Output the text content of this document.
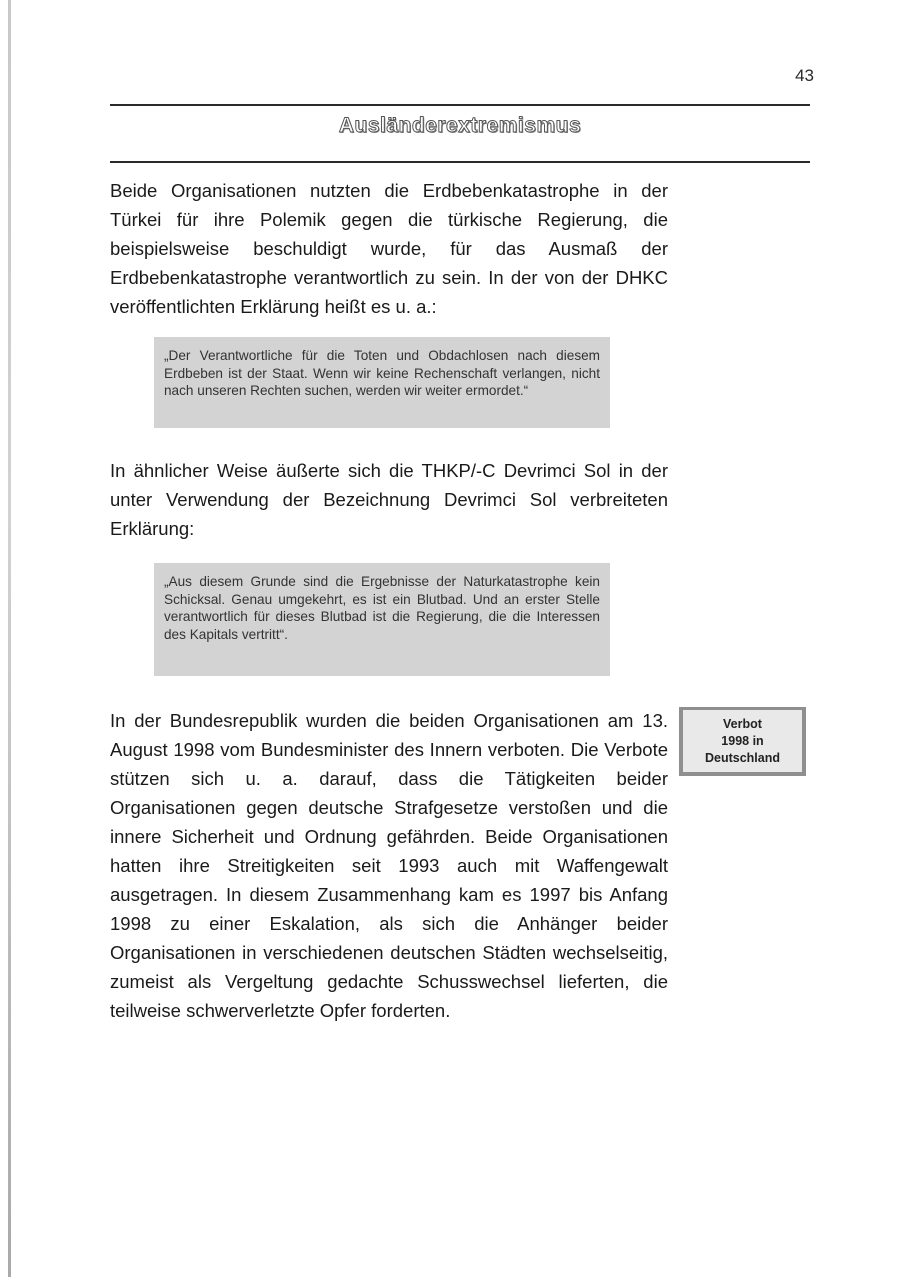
43
Ausländerextremismus

Beide Organisationen nutzten die Erdbebenkatastrophe in der Türkei für ihre Polemik gegen die türkische Regierung, die beispielsweise beschuldigt wurde, für das Ausmaß der Erdbebenkatastrophe verantwortlich zu sein. In der von der DHKC veröffentlichten Erklärung heißt es u. a.:

„Der Verantwortliche für die Toten und Obdachlosen nach diesem Erdbeben ist der Staat. Wenn wir keine Rechenschaft verlangen, nicht nach unseren Rechten suchen, werden wir weiter ermordet.“

In ähnlicher Weise äußerte sich die THKP/-C Devrimci Sol in der unter Verwendung der Bezeichnung Devrimci Sol verbreiteten Erklärung:

„Aus diesem Grunde sind die Ergebnisse der Naturkatastrophe kein Schicksal. Genau umgekehrt, es ist ein Blutbad. Und an erster Stelle verantwortlich für dieses Blutbad ist die Regierung, die die Interessen des Kapitals vertritt“.

In der Bundesrepublik wurden die beiden Organisationen am 13. August 1998 vom Bundesminister des Innern verboten. Die Verbote stützen sich u. a. darauf, dass die Tätigkeiten beider Organisationen gegen deutsche Strafgesetze verstoßen und die innere Sicherheit und Ordnung gefährden. Beide Organisationen hatten ihre Streitigkeiten seit 1993 auch mit Waffengewalt ausgetragen. In diesem Zusammenhang kam es 1997 bis Anfang 1998 zu einer Eskalation, als sich die Anhänger beider Organisationen in verschiedenen deutschen Städten wechselseitig, zumeist als Vergeltung gedachte Schusswechsel lieferten, die teilweise schwerverletzte Opfer forderten.

Verbot
1998 in
Deutschland
